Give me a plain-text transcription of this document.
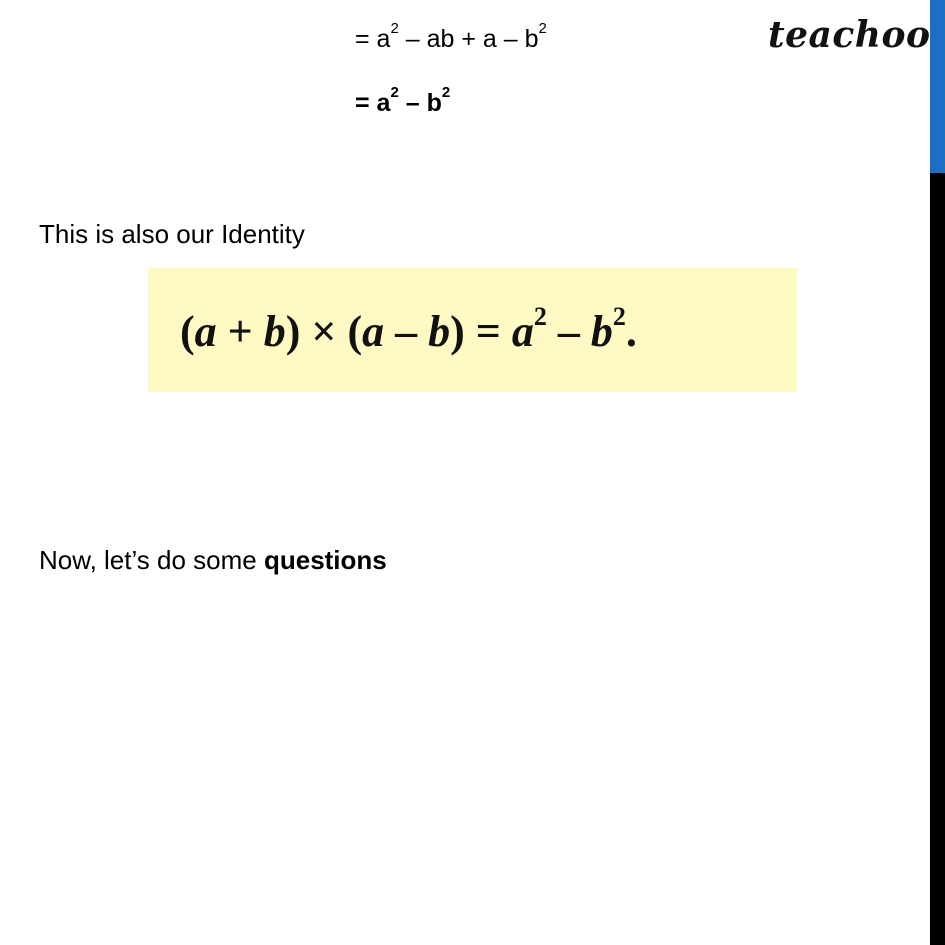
= $a^2$ – ab + a – $b^2$
= $a^2 - b^2$
teachoo
This is also our Identity
$(a + b) \times (a - b) = a^2 - b^2$.
Now, let’s do some questions
